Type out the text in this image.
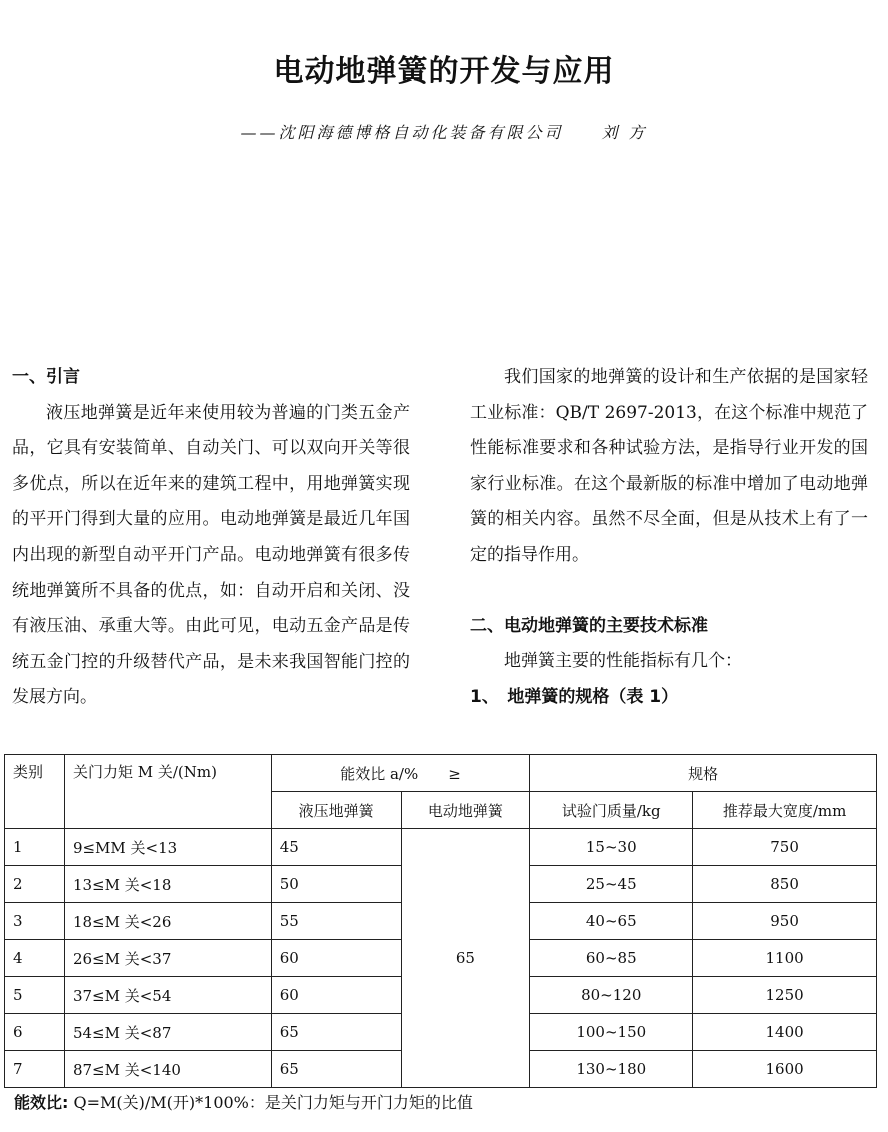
电动地弹簧的开发与应用
——沈阳海德博格自动化装备有限公司　　刘 方
一、引言

液压地弹簧是近年来使用较为普遍的门类五金产品，它具有安装简单、自动关门、可以双向开关等很多优点，所以在近年来的建筑工程中，用地弹簧实现的平开门得到大量的应用。电动地弹簧是最近几年国内出现的新型自动平开门产品。电动地弹簧有很多传统地弹簧所不具备的优点，如：自动开启和关闭、没有液压油、承重大等。由此可见，电动五金产品是传统五金门控的升级替代产品，是未来我国智能门控的发展方向。

我们国家的地弹簧的设计和生产依据的是国家轻工业标准：QB/T 2697-2013，在这个标准中规范了性能标准要求和各种试验方法，是指导行业开发的国家行业标准。在这个最新版的标准中增加了电动地弹簧的相关内容。虽然不尽全面，但是从技术上有了一定的指导作用。

二、电动地弹簧的主要技术标准

地弹簧主要的性能指标有几个：

1、　地弹簧的规格（表 1）
类别	关门力矩 M 关/(Nm)	能效比 a/%　　≥		规格	
		液压地弹簧	电动地弹簧	试验门质量/kg	推荐最大宽度/mm
1	9≤MM 关<13	45	65	15~30	750
2	13≤M 关<18	50		25~45	850
3	18≤M 关<26	55		40~65	950
4	26≤M 关<37	60		60~85	1100
5	37≤M 关<54	60		80~120	1250
6	54≤M 关<87	65		100~150	1400
7	87≤M 关<140	65		130~180	1600
能效比: Q=M(关)/M(开)*100%：是关门力矩与开门力矩的比值
